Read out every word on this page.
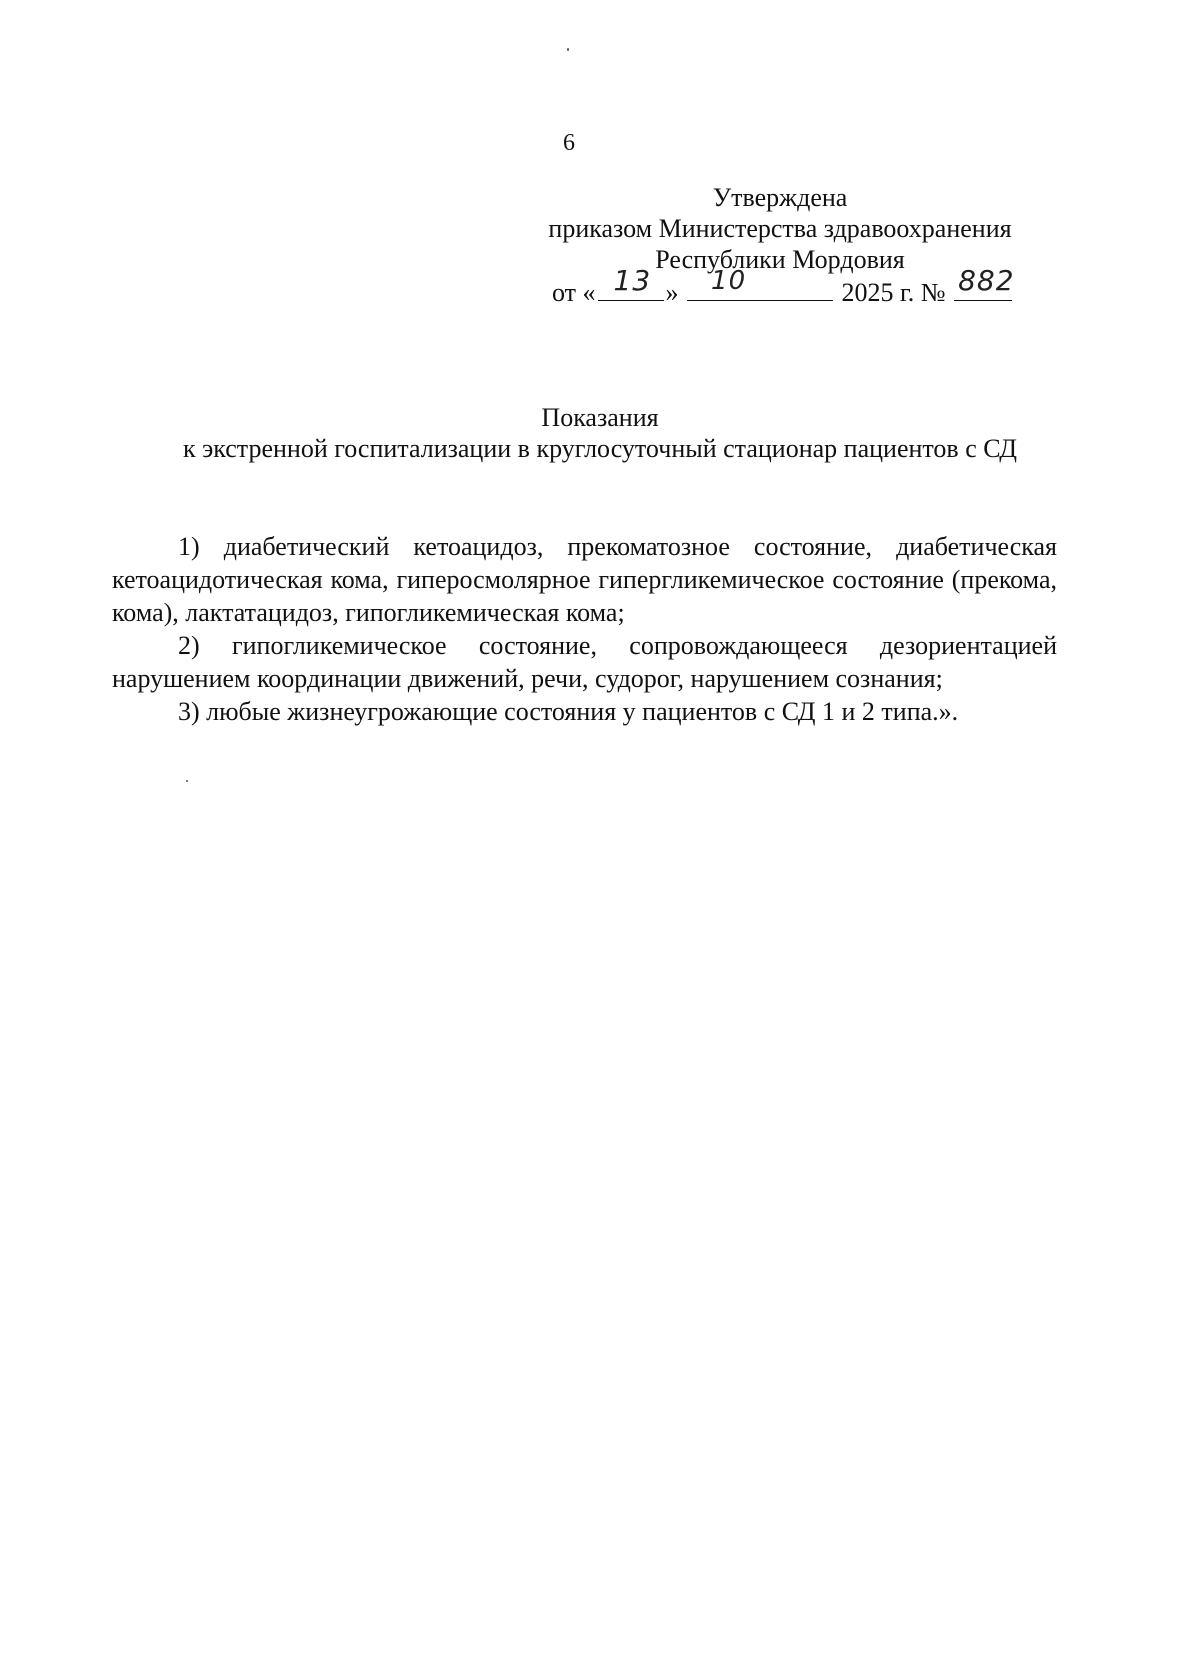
6
Утверждена
приказом Министерства здравоохранения
Республики Мордовия
от « 13 » 10	2025 г. № 882
Показания
к экстренной госпитализации в круглосуточный стационар пациентов с СД

1) диабетический кетоацидоз, прекоматозное состояние, диабетическая кетоацидотическая кома, гиперосмолярное гипергликемическое состояние (прекома, кома), лактатацидоз, гипогликемическая кома;

2) гипогликемическое состояние, сопровождающееся дезориентацией нарушением координации движений, речи, судорог, нарушением сознания;

3) любые жизнеугрожающие состояния у пациентов с СД 1 и 2 типа.».
